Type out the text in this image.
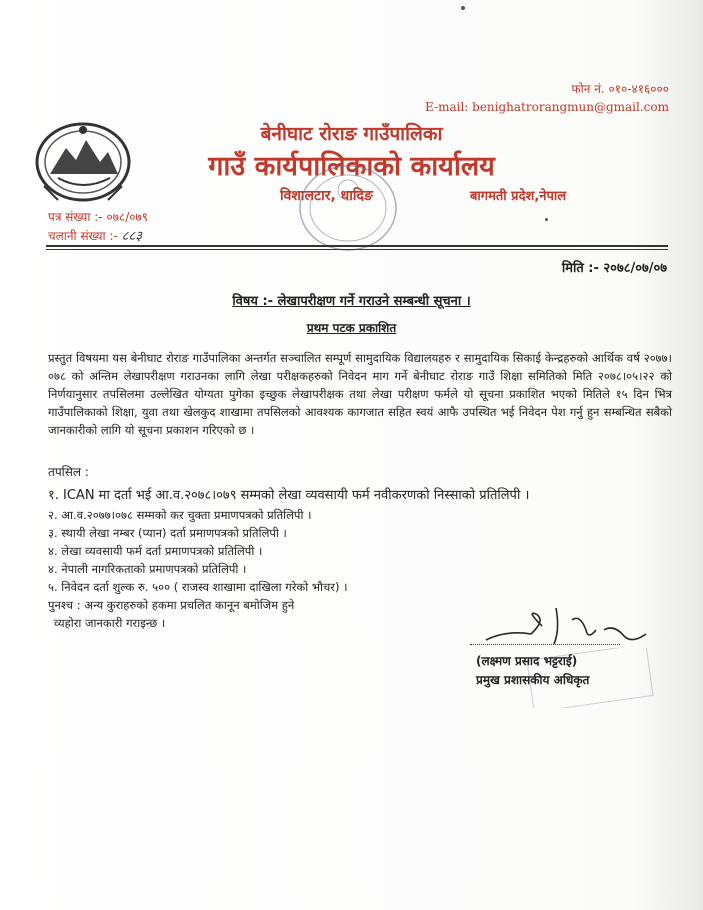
फोन नं. ०१०-४१६०००
E-mail: benighatrorangmun@gmail.com
बेनीघाट रोराङ गाउँपालिका
गाउँ कार्यपालिकाको कार्यालय
विशालटार, धादिङ	बागमती प्रदेश,नेपाल
पत्र संख्या :- ०७८/०७९
चलानी संख्या :- ८८३
मिति :- २०७८/०७/०७
विषय :- लेखापरीक्षण गर्ने गराउने सम्बन्धी सूचना ।
प्रथम पटक प्रकाशित
प्रस्तुत विषयमा यस बेनीघाट रोराङ गाउँपालिका अन्तर्गत सञ्चालित सम्पूर्ण सामुदायिक विद्यालयहरु र सामुदायिक सिकाई केन्द्रहरुको आर्थिक वर्ष २०७७।०७८ को अन्तिम लेखापरीक्षण गराउनका लागि लेखा परीक्षकहरुको निवेदन माग गर्ने बेनीघाट रोराङ गाउँ शिक्षा समितिको मिति २०७८।०५।२२ को निर्णयानुसार तपसिलमा उल्लेखित योग्यता पुगेका इच्छुक लेखापरीक्षक तथा लेखा परीक्षण फर्मले यो सूचना प्रकाशित भएको मितिले १५ दिन भित्र गाउँपालिकाको शिक्षा, युवा तथा खेलकुद शाखामा तपसिलको आवश्यक कागजात सहित स्वयं आफै उपस्थित भई निवेदन पेश गर्नु हुन सम्बन्धित सबैको जानकारीको लागि यो सूचना प्रकाशन गरिएको छ ।
तपसिल :
१. ICAN मा दर्ता भई आ.व.२०७८।०७९ सम्मको लेखा व्यवसायी फर्म नवीकरणको निस्साको प्रतिलिपी ।
२. आ.व.२०७७।०७८ सम्मको कर चुक्ता प्रमाणपत्रको प्रतिलिपी ।
३. स्थायी लेखा नम्बर (प्यान) दर्ता प्रमाणपत्रको प्रतिलिपी ।
४. लेखा व्यवसायी फर्म दर्ता प्रमाणपत्रको प्रतिलिपी ।
४. नेपाली नागरिकताको प्रमाणपत्रको प्रतिलिपी ।
५. निवेदन दर्ता शुल्क रु. ५०० ( राजस्व शाखामा दाखिला गरेको भौचर) ।
पुनश्च : अन्य कुराहरुको हकमा प्रचलित कानून बमोजिम हुने
व्यहोरा जानकारी गराइन्छ ।
(लक्ष्मण प्रसाद भट्टराई)
प्रमुख प्रशासकीय अधिकृत
